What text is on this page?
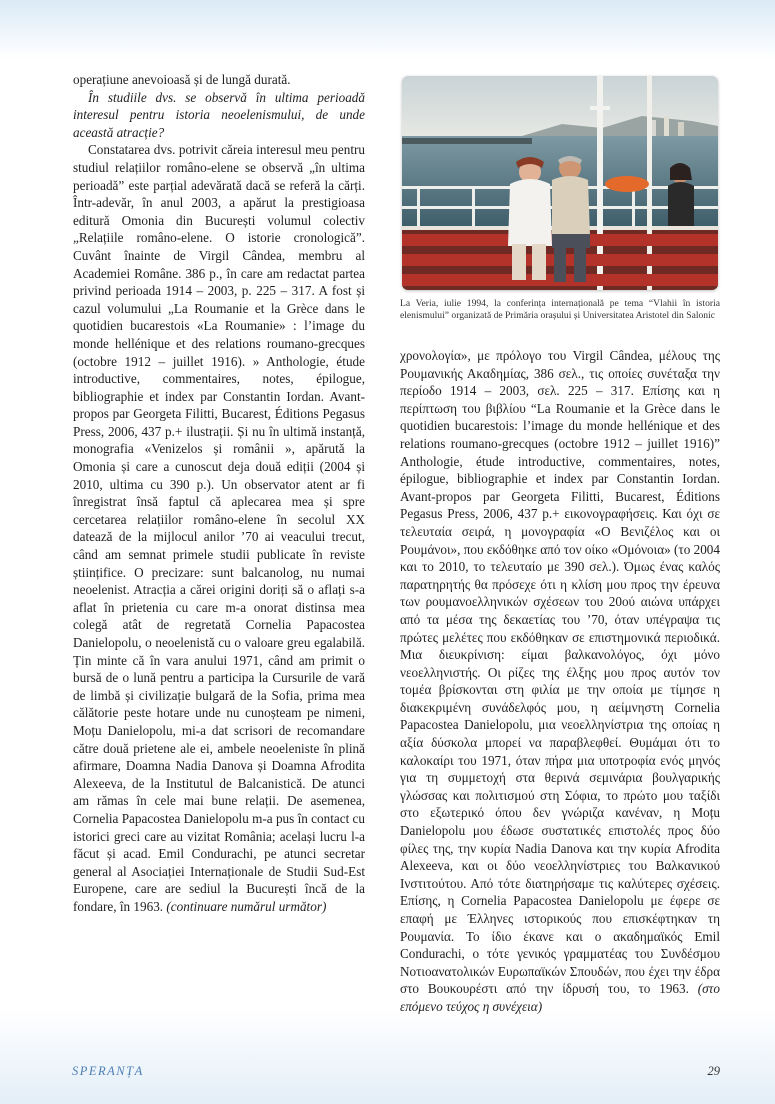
operațiune anevoioasă și de lungă durată.

În studiile dvs. se observă în ultima perioadă interesul pentru istoria neoelenismului, de unde această atracție?

Constatarea dvs. potrivit căreia interesul meu pentru studiul relațiilor româno-elene se observă „în ultima perioadă” este parțial adevărată dacă se referă la cărți. Într-adevăr, în anul 2003, a apărut la prestigioasa editură Omonia din București volumul colectiv „Relațiile româno-elene. O istorie cronologică”. Cuvânt înainte de Virgil Cândea, membru al Academiei Române. 386 p., în care am redactat partea privind perioada 1914 – 2003, p. 225 – 317. A fost și cazul volumului „La Roumanie et la Grèce dans le quotidien bucarestois «La Roumanie» : l’image du monde hellénique et des relations roumano-grecques (octobre 1912 – juillet 1916). » Anthologie, étude introductive, commentaires, notes, épilogue, bibliographie et index par Constantin Iordan. Avant-propos par Georgeta Filitti, Bucarest, Éditions Pegasus Press, 2006, 437 p.+ ilustrații. Și nu în ultimă instanță, monografia «Venizelos și românii », apărută la Omonia și care a cunoscut deja două ediții (2004 și 2010, ultima cu 390 p.). Un observator atent ar fi înregistrat însă faptul că aplecarea mea și spre cercetarea relațiilor româno-elene în secolul XX datează de la mijlocul anilor ’70 ai veacului trecut, când am semnat primele studii publicate în reviste științifice. O precizare: sunt balcanolog, nu numai neoelenist. Atracția a cărei origini doriți să o aflați s-a aflat în prietenia cu care m-a onorat distinsa mea colegă atât de regretată Cornelia Papacostea Danielopolu, o neoelenistă cu o valoare greu egalabilă. Țin minte că în vara anului 1971, când am primit o bursă de o lună pentru a participa la Cursurile de vară de limbă și civilizație bulgară de la Sofia, prima mea călătorie peste hotare unde nu cunoșteam pe nimeni, Moțu Danielopolu, mi-a dat scrisori de recomandare către două prietene ale ei, ambele neoeleniste în plină afirmare, Doamna Nadia Danova și Doamna Afrodita Alexeeva, de la Institutul de Balcanistică. De atunci am rămas în cele mai bune relații. De asemenea, Cornelia Papacostea Danielopolu m-a pus în contact cu istorici greci care au vizitat România; același lucru l-a făcut și acad. Emil Condurachi, pe atunci secretar general al Asociației Internaționale de Studii Sud-Est Europene, care are sediul la București încă de la fondare, în 1963. (continuare numărul următor)

La Veria, iulie 1994, la conferința internațională pe tema “Vlahii în istoria elenismului” organizată de Primăria orașului și Universitatea Aristotel din Salonic

χρονολογία», με πρόλογο του Virgil Cândea, μέλους της Ρουμανικής Ακαδημίας, 386 σελ., τις οποίες συνέταξα την περίοδο 1914 – 2003, σελ. 225 – 317. Επίσης και η περίπτωση του βιβλίου “La Roumanie et la Grèce dans le quotidien bucarestois: l’image du monde hellénique et des relations roumano-grecques (octobre 1912 – juillet 1916)” Anthologie, étude introductive, commentaires, notes, épilogue, bibliographie et index par Constantin Iordan. Avant-propos par Georgeta Filitti, Bucarest, Éditions Pegasus Press, 2006, 437 p.+ εικονογραφήσεις. Και όχι σε τελευταία σειρά, η μονογραφία «Ο Βενιζέλος και οι Ρουμάνοι», που εκδόθηκε από τον οίκο «Ομόνοια» (το 2004 και το 2010, το τελευταίο με 390 σελ.). Όμως ένας καλός παρατηρητής θα πρόσεχε ότι η κλίση μου προς την έρευνα των ρουμανοελληνικών σχέσεων του 20ού αιώνα υπάρχει από τα μέσα της δεκαετίας του ’70, όταν υπέγραψα τις πρώτες μελέτες που εκδόθηκαν σε επιστημονικά περιοδικά. Μια διευκρίνιση: είμαι βαλκανολόγος, όχι μόνο νεοελληνιστής. Οι ρίζες της έλξης μου προς αυτόν τον τομέα βρίσκονται στη φιλία με την οποία με τίμησε η διακεκριμένη συνάδελφός μου, η αείμνηστη Cornelia Papacostea Danielopolu, μια νεοελληνίστρια της οποίας η αξία δύσκολα μπορεί να παραβλεφθεί. Θυμάμαι ότι το καλοκαίρι του 1971, όταν πήρα μια υποτροφία ενός μηνός για τη συμμετοχή στα θερινά σεμινάρια βουλγαρικής γλώσσας και πολιτισμού στη Σόφια, το πρώτο μου ταξίδι στο εξωτερικό όπου δεν γνώριζα κανέναν, η Moțu Danielopolu μου έδωσε συστατικές επιστολές προς δύο φίλες της, την κυρία Nadia Danova και την κυρία Afrodita Alexeeva, και οι δύο νεοελληνίστριες του Βαλκανικού Ινστιτούτου. Από τότε διατηρήσαμε τις καλύτερες σχέσεις. Επίσης, η Cornelia Papacostea Danielopolu με έφερε σε επαφή με Έλληνες ιστορικούς που επισκέφτηκαν τη Ρουμανία. Το ίδιο έκανε και ο ακαδημαϊκός Emil Condurachi, ο τότε γενικός γραμματέας του Συνδέσμου Νοτιοανατολικών Ευρωπαϊκών Σπουδών, που έχει την έδρα στο Βουκουρέστι από την ίδρυσή του, το 1963. (στο επόμενο τεύχος η συνέχεια)

SPERANȚA	29
